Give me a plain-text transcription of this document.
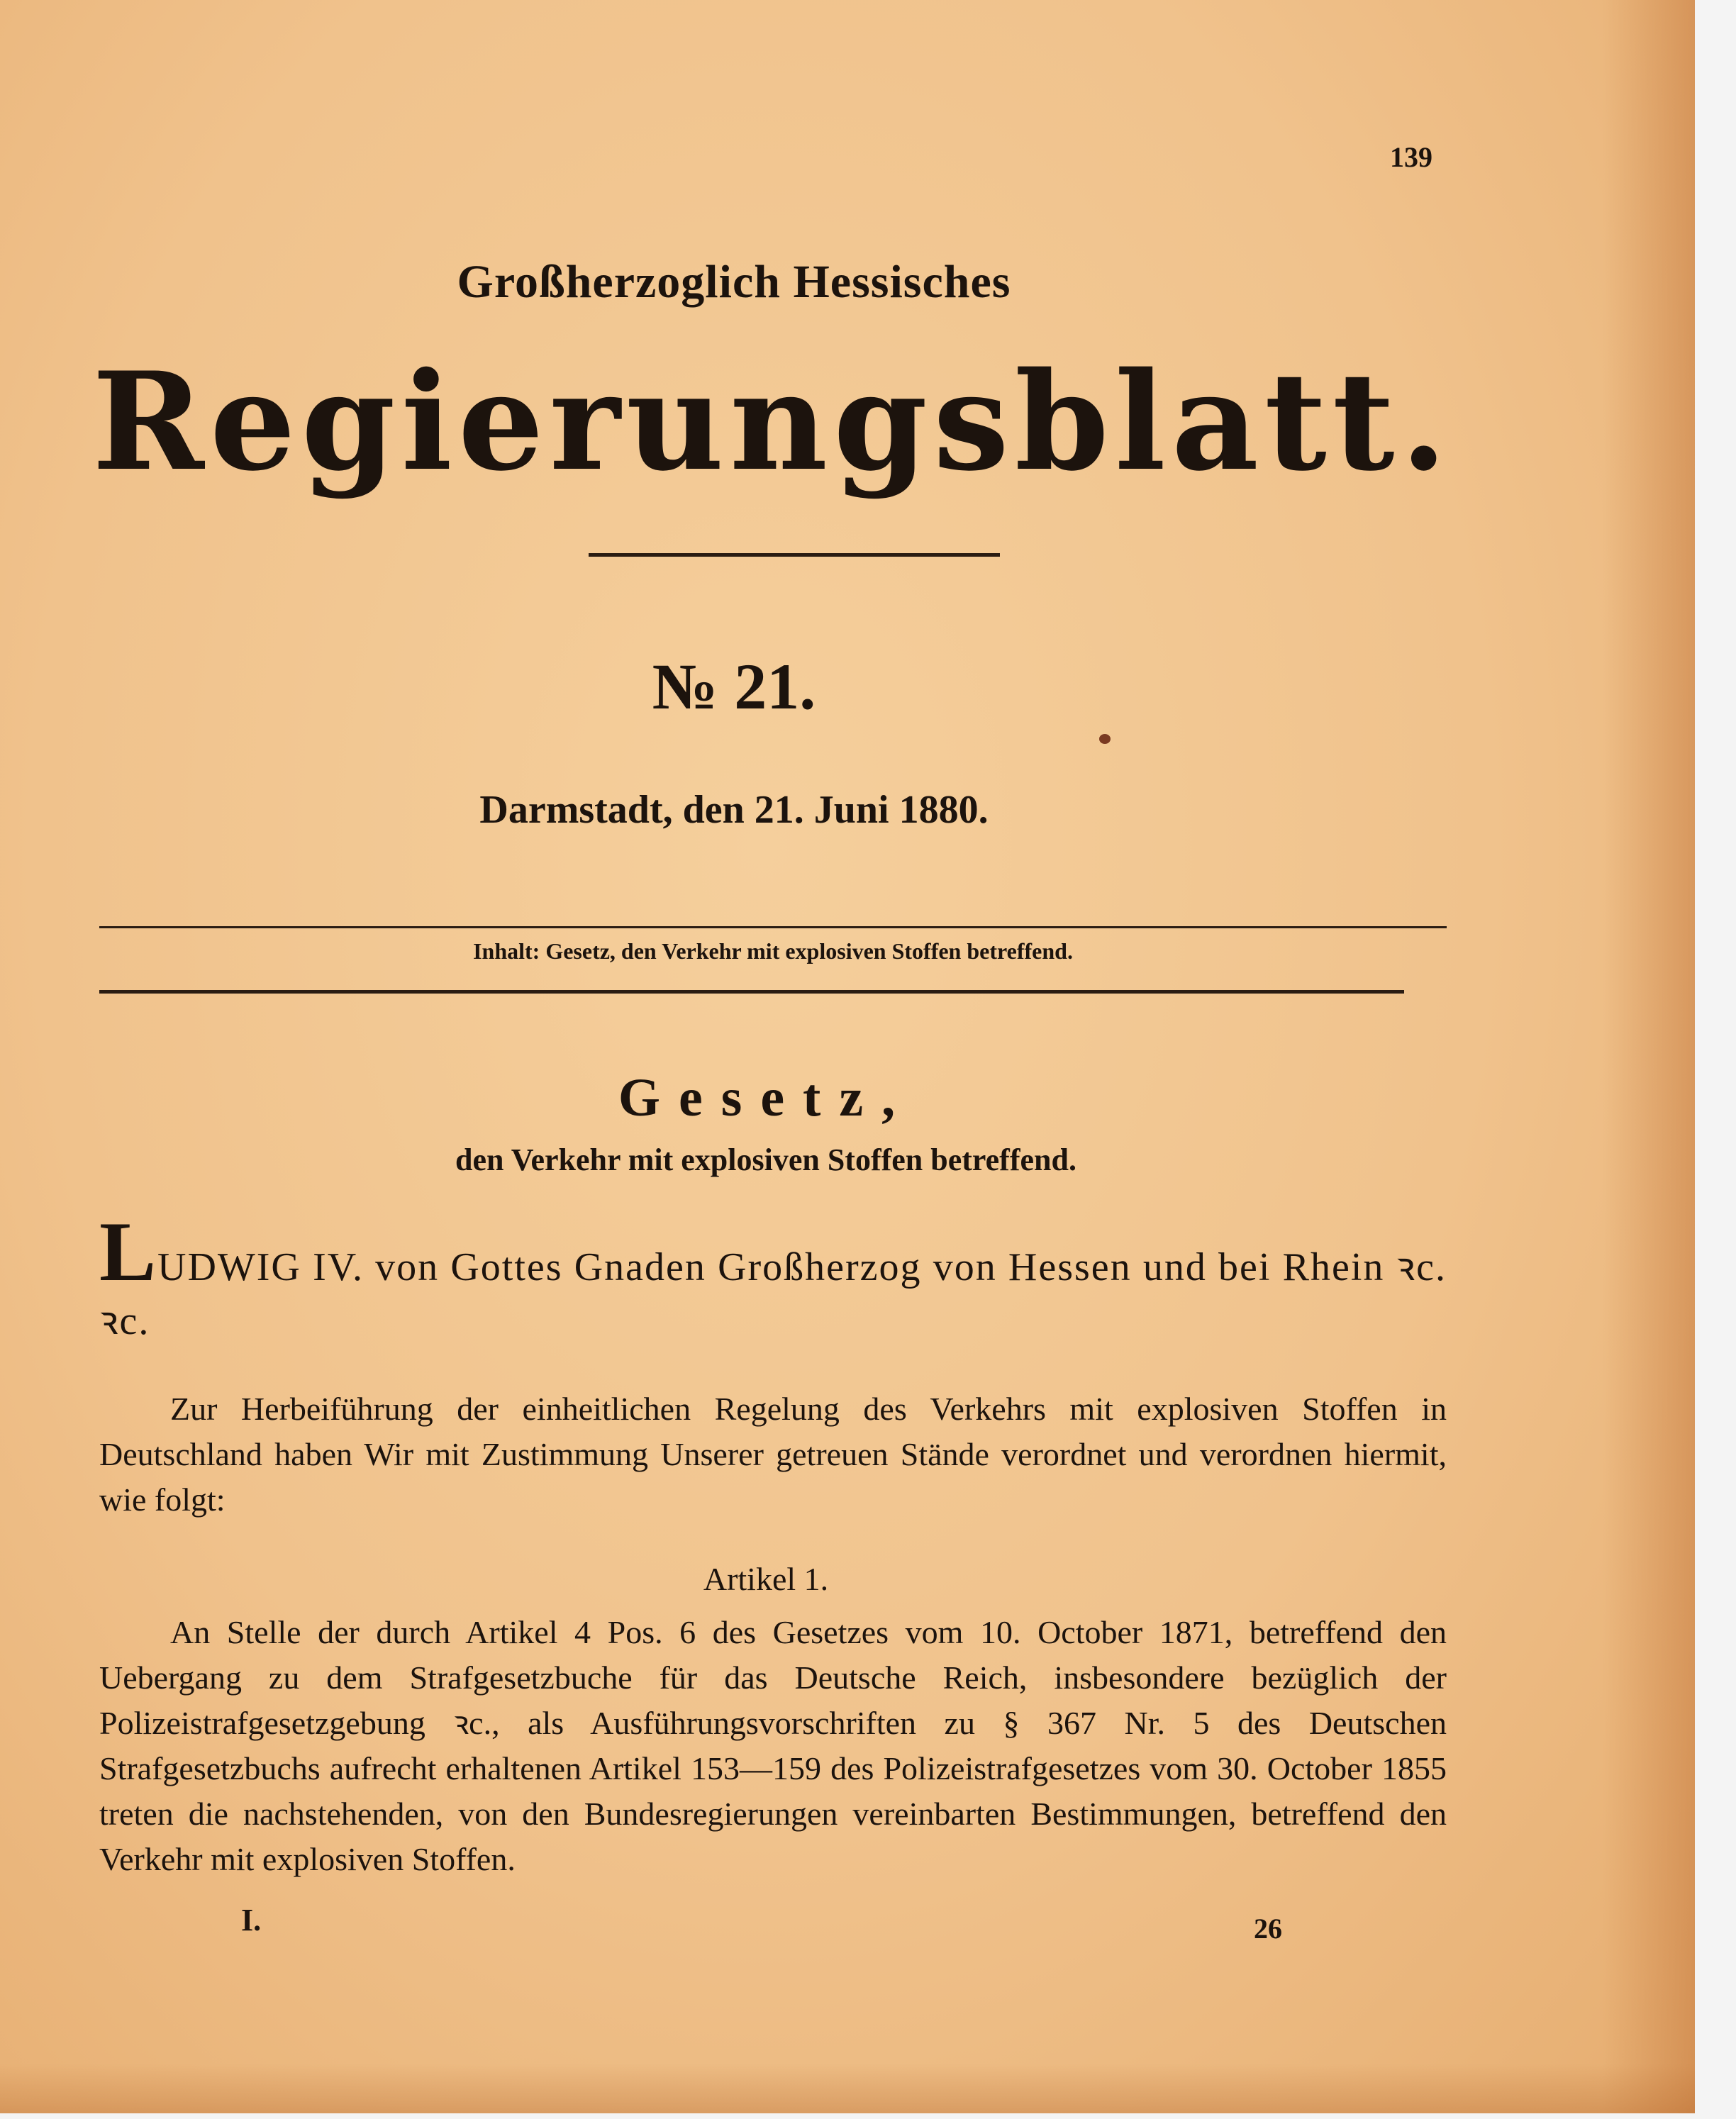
139
Großherzoglich Hessisches
Regierungsblatt.
№ 21.
Darmstadt, den 21. Juni 1880.
Inhalt: Gesetz, den Verkehr mit explosiven Stoffen betreffend.
Gesetz,
den Verkehr mit explosiven Stoffen betreffend.
LUDWIG IV. von Gottes Gnaden Großherzog von Hessen und bei Rhein ꝛc. ꝛc.
Zur Herbeiführung der einheitlichen Regelung des Verkehrs mit explosiven Stoffen in Deutschland haben Wir mit Zustimmung Unserer getreuen Stände verordnet und verordnen hiermit, wie folgt:
Artikel 1.
An Stelle der durch Artikel 4 Pos. 6 des Gesetzes vom 10. October 1871, betreffend den Uebergang zu dem Strafgesetzbuche für das Deutsche Reich, insbesondere bezüglich der Polizeistrafgesetzgebung ꝛc., als Ausführungsvorschriften zu § 367 Nr. 5 des Deutschen Strafgesetzbuchs aufrecht erhaltenen Artikel 153—159 des Polizeistrafgesetzes vom 30. October 1855 treten die nachstehenden, von den Bundesregierungen vereinbarten Bestimmungen, betreffend den Verkehr mit explosiven Stoffen.
I.	26
